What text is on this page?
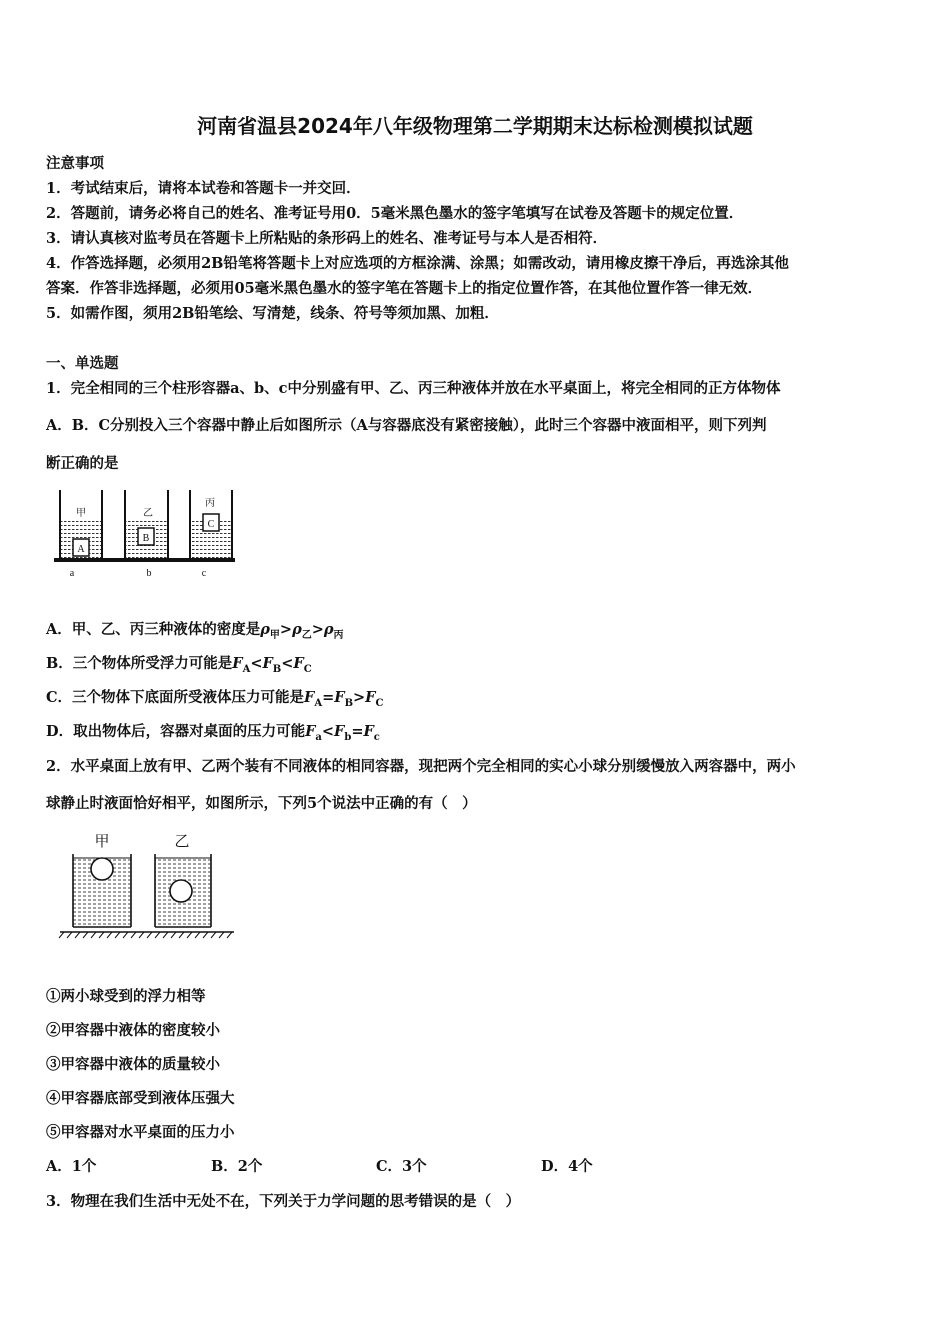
河南省温县2024年八年级物理第二学期期末达标检测模拟试题
注意事项
1．考试结束后，请将本试卷和答题卡一并交回．
2．答题前，请务必将自己的姓名、准考证号用0．5毫米黑色墨水的签字笔填写在试卷及答题卡的规定位置．
3．请认真核对监考员在答题卡上所粘贴的条形码上的姓名、准考证号与本人是否相符．
4．作答选择题，必须用2B铅笔将答题卡上对应选项的方框涂满、涂黑；如需改动，请用橡皮擦干净后，再选涂其他
答案．作答非选择题，必须用05毫米黑色墨水的签字笔在答题卡上的指定位置作答，在其他位置作答一律无效．
5．如需作图，须用2B铅笔绘、写清楚，线条、符号等须加黑、加粗．
一、单选题
1．完全相同的三个柱形容器a、b、c中分别盛有甲、乙、丙三种液体并放在水平桌面上，将完全相同的正方体物体
A．B．C分别投入三个容器中静止后如图所示（A与容器底没有紧密接触），此时三个容器中液面相平，则下列判
断正确的是
A
B
C
甲	乙
丙
a	b	c
A．甲、乙、丙三种液体的密度是$\rho_甲>\rho_乙>\rho_丙$
B．三个物体所受浮力可能是$F_A<F_B<F_C$
C．三个物体下底面所受液体压力可能是$F_A=F_B>F_C$
D．取出物体后，容器对桌面的压力可能$F_a<F_b=F_c$
2．水平桌面上放有甲、乙两个装有不同液体的相同容器，现把两个完全相同的实心小球分别缓慢放入两容器中，两小
球静止时液面恰好相平，如图所示，下列5个说法中正确的有（　）
甲	乙
①两小球受到的浮力相等
②甲容器中液体的密度较小
③甲容器中液体的质量较小
④甲容器底部受到液体压强大
⑤甲容器对水平桌面的压力小
A．1个	B．2个	C．3个	D．4个
3．物理在我们生活中无处不在，下列关于力学问题的思考错误的是（　）
